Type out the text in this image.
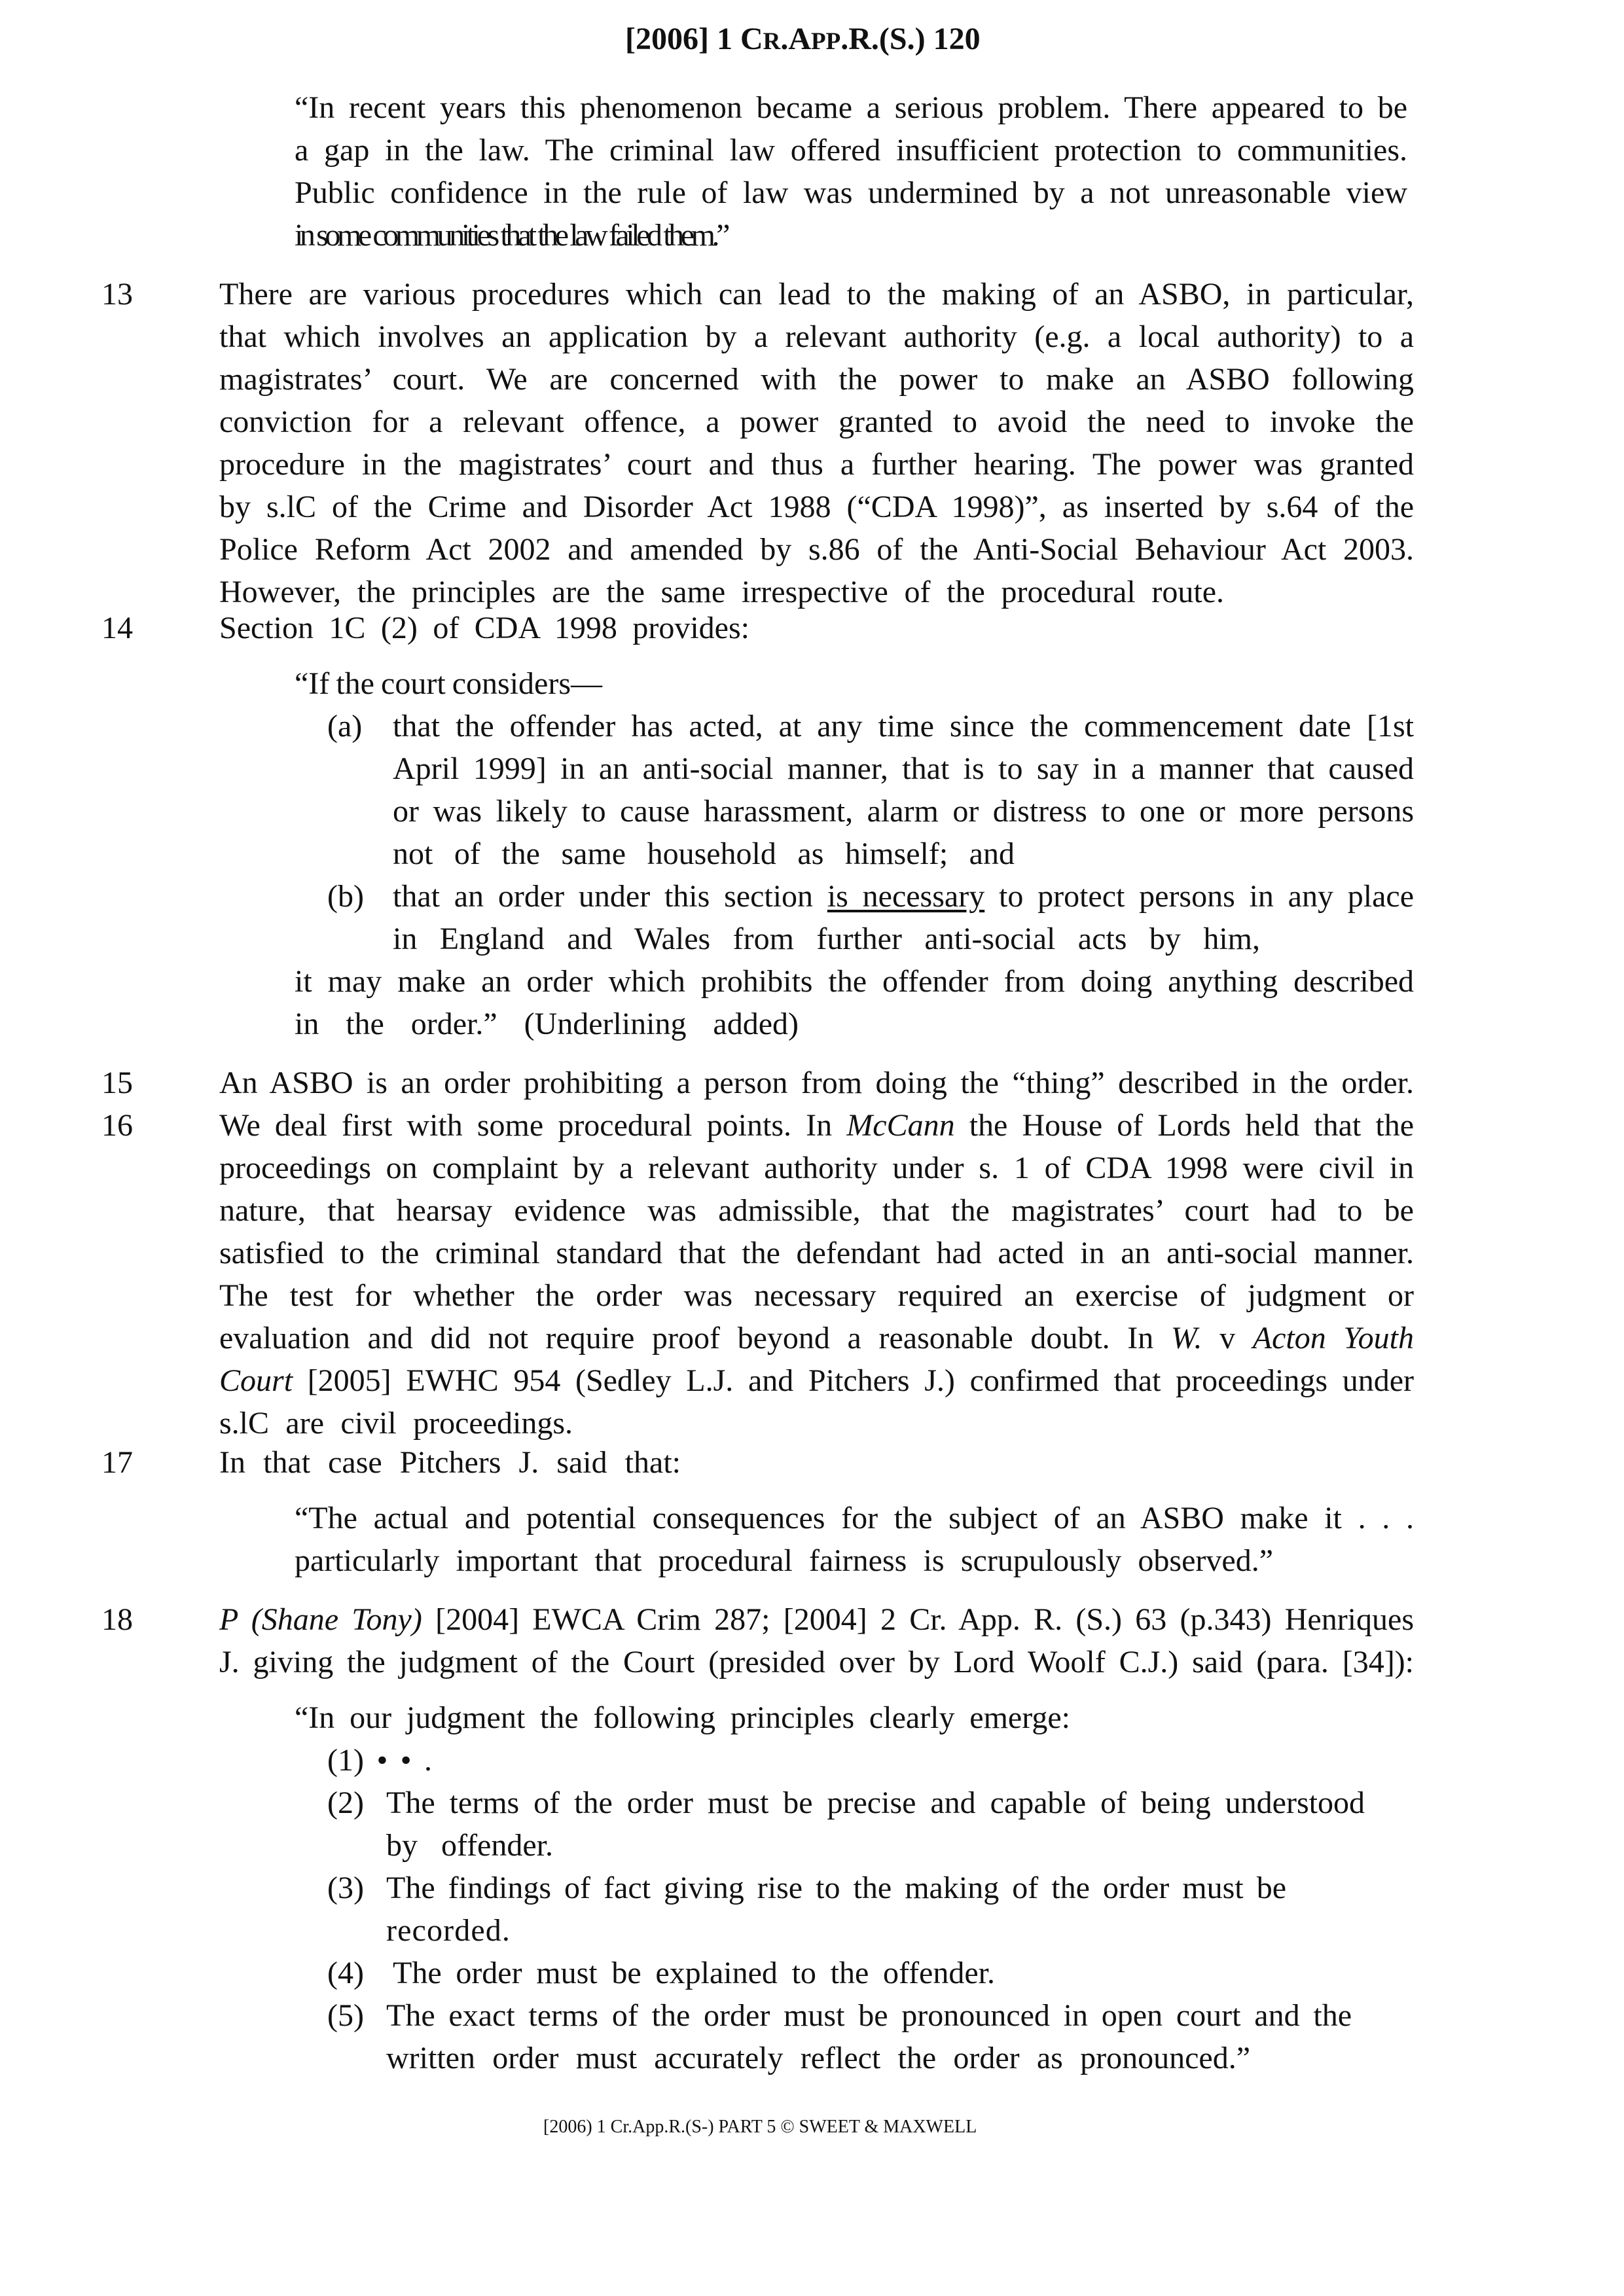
[2006] 1 CR.APP.R.(S.) 120
“In recent years this phenomenon became a serious problem. There appeared to be
a gap in the law. The criminal law offered insufficient protection to communities.
Public confidence in the rule of law was undermined by a not unreasonable view
in some communities that the law failed them.”
13	There are various procedures which can lead to the making of an ASBO, in particular,
that which involves an application by a relevant authority (e.g. a local authority) to a
magistrates’ court. We are concerned with the power to make an ASBO following
conviction for a relevant offence, a power granted to avoid the need to invoke the
procedure in the magistrates’ court and thus a further hearing. The power was granted
by s.lC of the Crime and Disorder Act 1988 (“CDA 1998)”, as inserted by s.64 of the
Police Reform Act 2002 and amended by s.86 of the Anti-Social Behaviour Act 2003.
However, the principles are the same irrespective of the procedural route.
14	Section 1C (2) of CDA 1998 provides:
“If the court considers—
(a) that the offender has acted, at any time since the commencement date [1st
April 1999] in an anti-social manner, that is to say in a manner that caused
or was likely to cause harassment, alarm or distress to one or more persons
not of the same household as himself; and
(b) that an order under this section is necessary to protect persons in any place
in England and Wales from further anti-social acts by him,
it may make an order which prohibits the offender from doing anything described
in the order.” (Underlining added)
15	An ASBO is an order prohibiting a person from doing the “thing” described in the order.
16	We deal first with some procedural points. In McCann the House of Lords held that the
proceedings on complaint by a relevant authority under s. 1 of CDA 1998 were civil in
nature, that hearsay evidence was admissible, that the magistrates’ court had to be
satisfied to the criminal standard that the defendant had acted in an anti-social manner.
The test for whether the order was necessary required an exercise of judgment or
evaluation and did not require proof beyond a reasonable doubt. In W. v Acton Youth
Court [2005] EWHC 954 (Sedley L.J. and Pitchers J.) confirmed that proceedings under
s.lC are civil proceedings.
17	In that case Pitchers J. said that:
“The actual and potential consequences for the subject of an ASBO make it . . .
particularly important that procedural fairness is scrupulously observed.”
18	P (Shane Tony) [2004] EWCA Crim 287; [2004] 2 Cr. App. R. (S.) 63 (p.343) Henriques
J. giving the judgment of the Court (presided over by Lord Woolf C.J.) said (para. [34]):
“In our judgment the following principles clearly emerge:
(1) • • .
(2) The terms of the order must be precise and capable of being understood
by offender.
(3) The findings of fact giving rise to the making of the order must be
recorded.
(4) The order must be explained to the offender.
(5) The exact terms of the order must be pronounced in open court and the
written order must accurately reflect the order as pronounced.”
[2006) 1 Cr.App.R.(S-) PART 5 © SWEET & MAXWELL
